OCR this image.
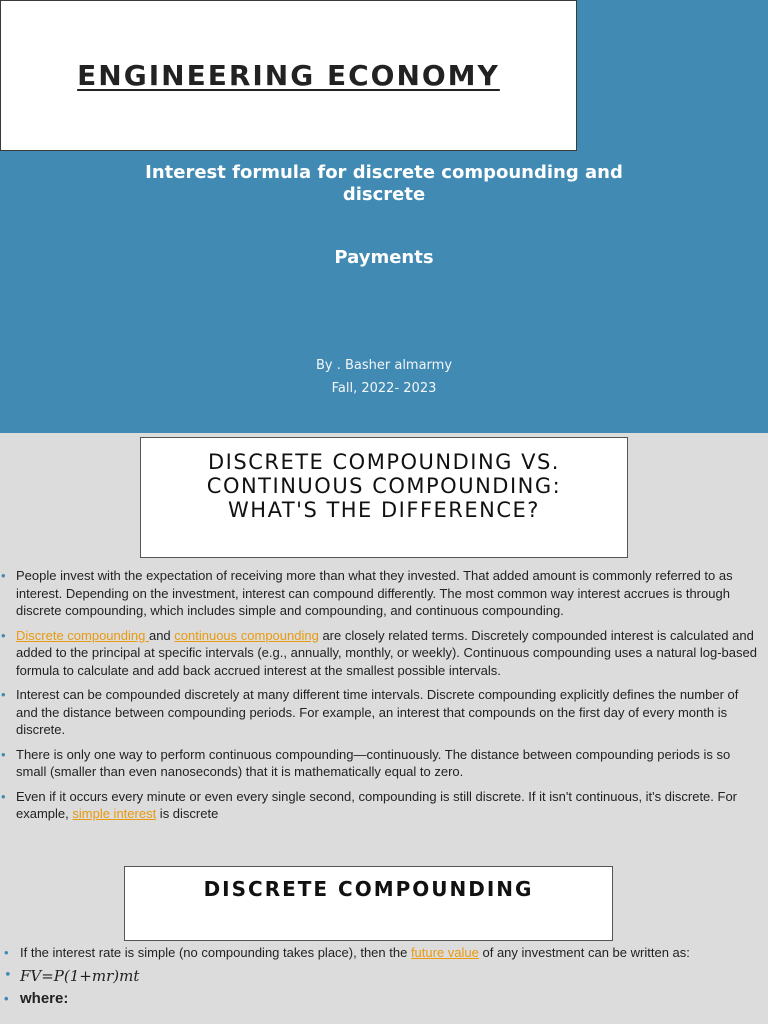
ENGINEERING ECONOMY
Interest formula for discrete compounding and discrete
Payments
By . Basher almarmy
Fall, 2022- 2023
DISCRETE COMPOUNDING VS.
CONTINUOUS COMPOUNDING:
WHAT'S THE DIFFERENCE?
• People invest with the expectation of receiving more than what they invested. That added amount is commonly referred to as interest. Depending on the investment, interest can compound differently. The most common way interest accrues is through discrete compounding, which includes simple and compounding, and continuous compounding.
• Discrete compounding and continuous compounding are closely related terms. Discretely compounded interest is calculated and added to the principal at specific intervals (e.g., annually, monthly, or weekly). Continuous compounding uses a natural log-based formula to calculate and add back accrued interest at the smallest possible intervals.
• Interest can be compounded discretely at many different time intervals. Discrete compounding explicitly defines the number of and the distance between compounding periods. For example, an interest that compounds on the first day of every month is discrete.
• There is only one way to perform continuous compounding—continuously. The distance between compounding periods is so small (smaller than even nanoseconds) that it is mathematically equal to zero.
• Even if it occurs every minute or even every single second, compounding is still discrete. If it isn't continuous, it's discrete. For example, simple interest is discrete
DISCRETE COMPOUNDING
• If the interest rate is simple (no compounding takes place), then the future value of any investment can be written as:
• FV=P(1+mr)mt
• where:
